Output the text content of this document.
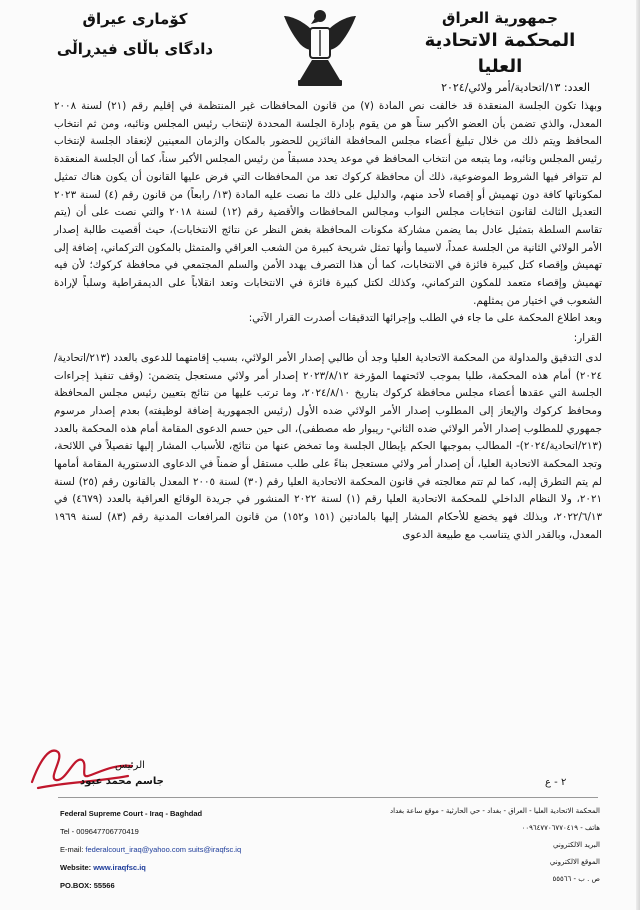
جمهورية العراق
المحكمة الاتحادية العليا
العدد: ١٣/اتحادية/أمر ولائي/٢٠٢٤
كۆماری عیراق
دادگای باڵای فیدڕاڵی

وبهذا تكون الجلسة المنعقدة قد خالفت نص المادة (٧) من قانون المحافظات غير المنتظمة في إقليم رقم (٢١) لسنة ٢٠٠٨ المعدل، والذي تضمن بأن العضو الأكبر سناً هو من يقوم بإدارة الجلسة المحددة لإنتخاب رئيس المجلس ونائبه، ومن ثم انتخاب المحافظ ويتم ذلك من خلال تبليغ أعضاء مجلس المحافظة الفائزين للحضور بالمكان والزمان المعينين لإنعقاد الجلسة لإنتخاب رئيس المجلس ونائبه، وما يتبعه من انتخاب المحافظ في موعد يحدد مسبقاً من رئيس المجلس الأكبر سناً، كما أن الجلسة المنعقدة لم تتوافر فيها الشروط الموضوعية، ذلك أن محافظة كركوك تعد من المحافظات التي فرض عليها القانون أن يكون هناك تمثيل لمكوناتها كافة دون تهميش أو إقصاء لأحد منهم، والدليل على ذلك ما نصت عليه المادة (١٣/ رابعاً) من قانون رقم (٤) لسنة ٢٠٢٣ التعديل الثالث لقانون انتخابات مجلس النواب ومجالس المحافظات والأقضية رقم (١٢) لسنة ٢٠١٨ والتي نصت على أن (يتم تقاسم السلطة بتمثيل عادل بما يضمن مشاركة مكونات المحافظة بغض النظر عن نتائج الانتخابات)، حيث أقصيت طالبة إصدار الأمر الولائي الثانية من الجلسة عمداً، لاسيما وأنها تمثل شريحة كبيرة من الشعب العراقي والمتمثل بالمكون التركماني، إضافة إلى تهميش وإقصاء كتل كبيرة فائزة في الانتخابات، كما أن هذا التصرف يهدد الأمن والسلم المجتمعي في محافظة كركوك؛ لأن فيه تهميش وإقصاء متعمد للمكون التركماني، وكذلك لكتل كبيرة فائزة في الانتخابات وتعد انقلاباً على الديمقراطية وسلباً لإرادة الشعوب في اختيار من يمثلهم.

وبعد اطلاع المحكمة على ما جاء في الطلب وإجرائها التدقيقات أصدرت القرار الآتي:

القرار:

لدى التدقيق والمداولة من المحكمة الاتحادية العليا وجد أن طالبي إصدار الأمر الولائي، بسبب إقامتهما للدعوى بالعدد (٢١٣/اتحادية/٢٠٢٤) أمام هذه المحكمة، طلبا بموجب لائحتهما المؤرخة ٢٠٢٣/٨/١٢ إصدار أمر ولائي مستعجل يتضمن: (وقف تنفيذ إجراءات الجلسة التي عقدها أعضاء مجلس محافظة كركوك بتاريخ ٢٠٢٤/٨/١٠، وما ترتب عليها من نتائج بتعيين رئيس مجلس المحافظة ومحافظ كركوك والإيعاز إلى المطلوب إصدار الأمر الولائي ضده الأول (رئيس الجمهورية إضافة لوظيفته) بعدم إصدار مرسوم جمهوري للمطلوب إصدار الأمر الولائي ضده الثاني- ريبوار طه مصطفى)، الى حين حسم الدعوى المقامة أمام هذه المحكمة بالعدد (٢١٣/اتحادية/٢٠٢٤)- المطالب بموجبها الحكم بإبطال الجلسة وما تمخض عنها من نتائج، للأسباب المشار إليها تفصيلاً في اللائحة، وتجد المحكمة الاتحادية العليا، أن إصدار أمر ولائي مستعجل بناءً على طلب مستقل أو ضمناً في الدعاوى الدستورية المقامة أمامها لم يتم التطرق إليه، كما لم تتم معالجته في قانون المحكمة الاتحادية العليا رقم (٣٠) لسنة ٢٠٠٥ المعدل بالقانون رقم (٢٥) لسنة ٢٠٢١، ولا النظام الداخلي للمحكمة الاتحادية العليا رقم (١) لسنة ٢٠٢٢ المنشور في جريدة الوقائع العراقية بالعدد (٤٦٧٩) في ٢٠٢٢/٦/١٣، وبذلك فهو يخضع للأحكام المشار إليها بالمادتين (١٥١ و١٥٢) من قانون المرافعات المدنية رقم (٨٣) لسنة ١٩٦٩ المعدل، وبالقدر الذي يتناسب مع طبيعة الدعوى

الرئيس
جاسم محمد عبود	٢ - ع
Federal Supreme Court - Iraq - Baghdad
Tel - 009647706770419
E-mail: federalcourt_iraq@yahoo.com suits@iraqfsc.iq
Website: www.iraqfsc.iq
PO.BOX: 55566
المحكمة الاتحادية العليا - العراق - بغداد - حي الحارثية - موقع ساعة بغداد
هاتف - ٠٠٩٦٤٧٧٠٦٧٧٠٤١٩
البريد الالكتروني
الموقع الالكتروني
ص . ب - ٥٥٥٦٦
